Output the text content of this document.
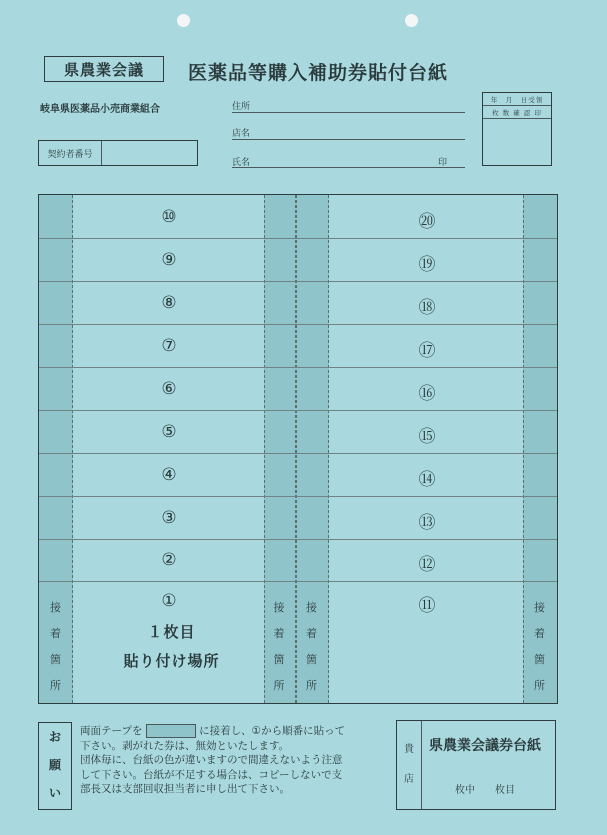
県農業会議	医薬品等購入補助券貼付台紙
岐阜県医薬品小売商業組合	住所
店名
氏名	印
年　月　日受領
枚 数 確 認 印
契約者番号
⑩
⑨
⑧
⑦
⑥
⑤
④
③
②
①
⑳
⑲
⑱
⑰
⑯
⑮
⑭
⑬
⑫
⑪
接
着
箇
所
接
着
箇
所
接
着
箇
所
接
着
箇
所
１枚目
貼り付け場所
お
願
い
両面テープを	に接着し、①から順番に貼って
下さい。剥がれた券は、無効といたします。
団体毎に、台紙の色が違いますので間違えないよう注意
して下さい。台紙が不足する場合は、コピーしないで支
部長又は支部回収担当者に申し出て下さい。
貴
店
県農業会議券台紙
枚中　　枚目
